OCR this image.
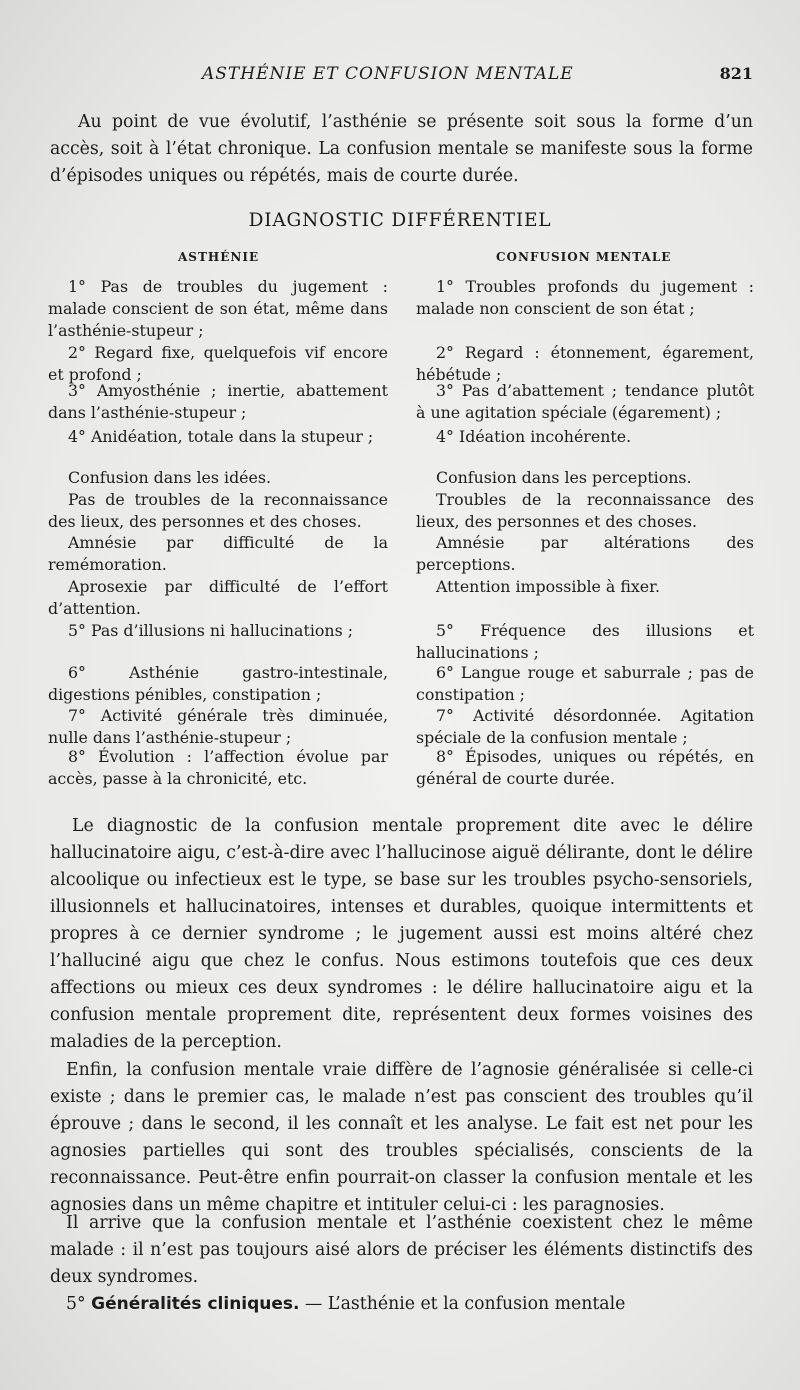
ASTHÉNIE ET CONFUSION MENTALE	821

Au point de vue évolutif, l’asthénie se présente soit sous la forme d’un accès, soit à l’état chronique. La confusion mentale se manifeste sous la forme d’épisodes uniques ou répétés, mais de courte durée.

DIAGNOSTIC DIFFÉRENTIEL
ASTHÉNIE	CONFUSION MENTALE

1° Pas de troubles du jugement : malade conscient de son état, même dans l’asthénie-stupeur ;

2° Regard fixe, quelquefois vif encore et profond ;

3° Amyosthénie ; inertie, abattement dans l’asthénie-stupeur ;

4° Anidéation, totale dans la stupeur ;

Confusion dans les idées.

Pas de troubles de la reconnaissance des lieux, des personnes et des choses.

Amnésie par difficulté de la remémoration.

Aprosexie par difficulté de l’effort d’attention.

5° Pas d’illusions ni hallucinations ;

6° Asthénie gastro-intestinale, digestions pénibles, constipation ;

7° Activité générale très diminuée, nulle dans l’asthénie-stupeur ;

8° Évolution : l’affection évolue par accès, passe à la chronicité, etc.

1° Troubles profonds du jugement : malade non conscient de son état ;

2° Regard : étonnement, égarement, hébétude ;

3° Pas d’abattement ; tendance plutôt à une agitation spéciale (égarement) ;

4° Idéation incohérente.

Confusion dans les perceptions.

Troubles de la reconnaissance des lieux, des personnes et des choses.

Amnésie par altérations des perceptions.

Attention impossible à fixer.

5° Fréquence des illusions et hallucinations ;

6° Langue rouge et saburrale ; pas de constipation ;

7° Activité désordonnée. Agitation spéciale de la confusion mentale ;

8° Épisodes, uniques ou répétés, en général de courte durée.

Le diagnostic de la confusion mentale proprement dite avec le délire hallucinatoire aigu, c’est-à-dire avec l’hallucinose aiguë délirante, dont le délire alcoolique ou infectieux est le type, se base sur les troubles psycho-sensoriels, illusionnels et hallucinatoires, intenses et durables, quoique intermittents et propres à ce dernier syndrome ; le jugement aussi est moins altéré chez l’halluciné aigu que chez le confus. Nous estimons toutefois que ces deux affections ou mieux ces deux syndromes : le délire hallucinatoire aigu et la confusion mentale proprement dite, représentent deux formes voisines des maladies de la perception.

Enfin, la confusion mentale vraie diffère de l’agnosie généralisée si celle-ci existe ; dans le premier cas, le malade n’est pas conscient des troubles qu’il éprouve ; dans le second, il les connaît et les analyse. Le fait est net pour les agnosies partielles qui sont des troubles spécialisés, conscients de la reconnaissance. Peut-être enfin pourrait-on classer la confusion mentale et les agnosies dans un même chapitre et intituler celui-ci : les paragnosies.

Il arrive que la confusion mentale et l’asthénie coexistent chez le même malade : il n’est pas toujours aisé alors de préciser les éléments distinctifs des deux syndromes.

5° Généralités cliniques. — L’asthénie et la confusion mentale
